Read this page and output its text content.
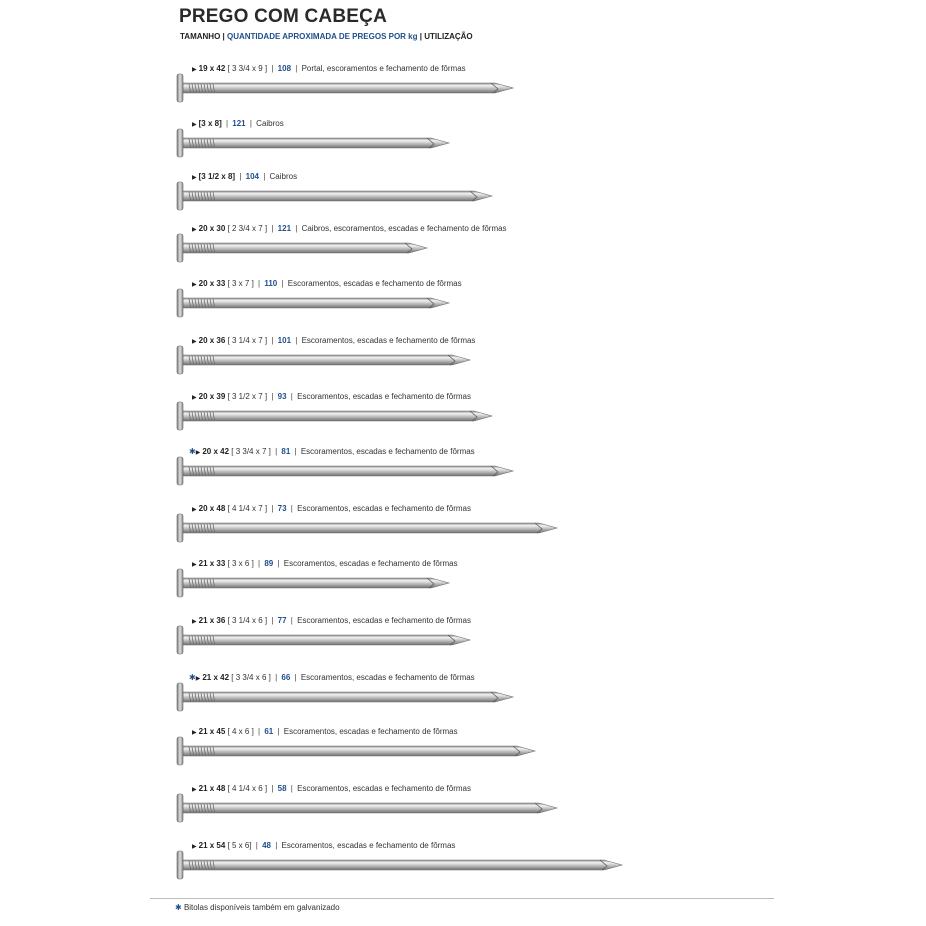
PREGO COM CABEÇA
TAMANHO | QUANTIDADE APROXIMADA DE PREGOS POR kg | UTILIZAÇÃO
▶ 19 x 42 [ 3 3/4 x 9 ] | 108 | Portal, escoramentos e fechamento de fôrmas
▶ [3 x 8] | 121 | Caibros
▶ [3 1/2 x 8] | 104 | Caibros
▶ 20 x 30 [ 2 3/4 x 7 ] | 121 | Caibros, escoramentos, escadas e fechamento de fôrmas
▶ 20 x 33 [ 3 x 7 ] | 110 | Escoramentos, escadas e fechamento de fôrmas
▶ 20 x 36 [ 3 1/4 x 7 ] | 101 | Escoramentos, escadas e fechamento de fôrmas
▶ 20 x 39 [ 3 1/2 x 7 ] | 93 | Escoramentos, escadas e fechamento de fôrmas
✱▶ 20 x 42 [ 3 3/4 x 7 ] | 81 | Escoramentos, escadas e fechamento de fôrmas
▶ 20 x 48 [ 4 1/4 x 7 ] | 73 | Escoramentos, escadas e fechamento de fôrmas
▶ 21 x 33 [ 3 x 6 ] | 89 | Escoramentos, escadas e fechamento de fôrmas
▶ 21 x 36 [ 3 1/4 x 6 ] | 77 | Escoramentos, escadas e fechamento de fôrmas
✱▶ 21 x 42 [ 3 3/4 x 6 ] | 66 | Escoramentos, escadas e fechamento de fôrmas
▶ 21 x 45 [ 4 x 6 ] | 61 | Escoramentos, escadas e fechamento de fôrmas
▶ 21 x 48 [ 4 1/4 x 6 ] | 58 | Escoramentos, escadas e fechamento de fôrmas
▶ 21 x 54 [ 5 x 6] | 48 | Escoramentos, escadas e fechamento de fôrmas
✱ Bitolas disponíveis também em galvanizado
